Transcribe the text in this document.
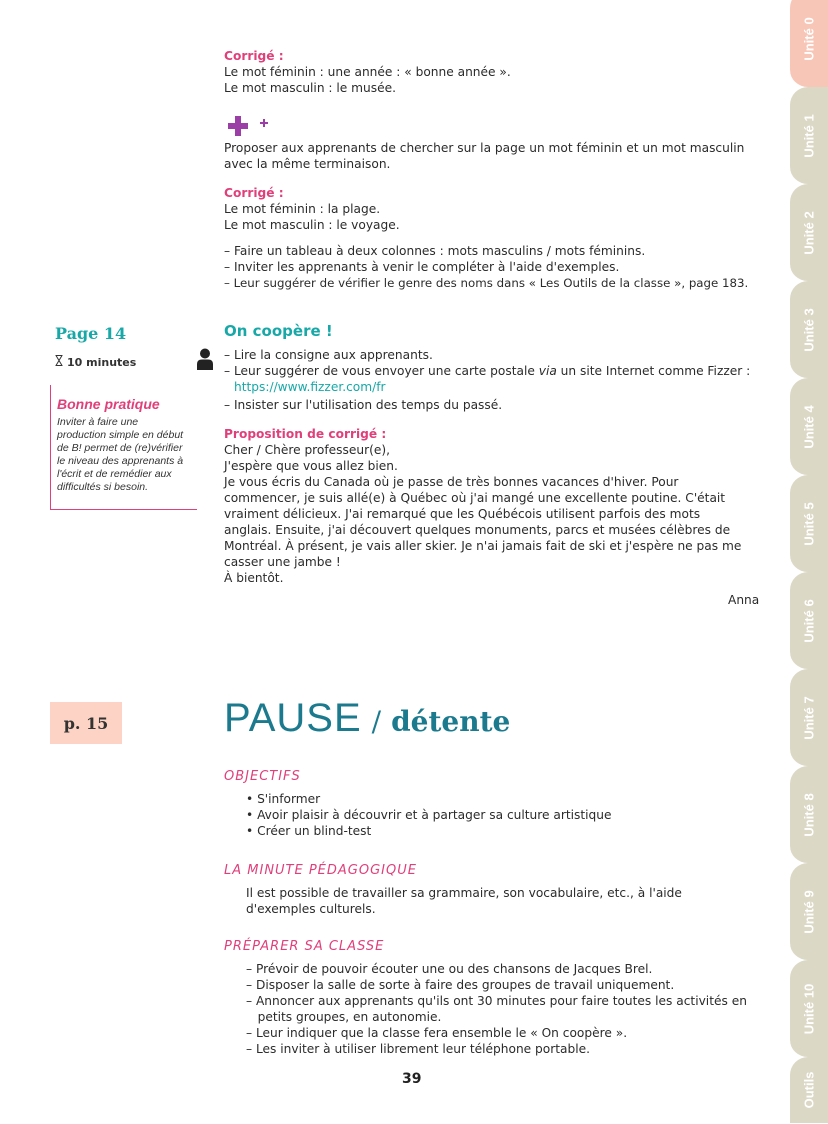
Corrigé :
Le mot féminin : une année : « bonne année ».
Le mot masculin : le musée.
Proposer aux apprenants de chercher sur la page un mot féminin et un mot masculin
avec la même terminaison.
Corrigé :
Le mot féminin : la plage.
Le mot masculin : le voyage.
– Faire un tableau à deux colonnes : mots masculins / mots féminins.
– Inviter les apprenants à venir le compléter à l'aide d'exemples.
– Leur suggérer de vérifier le genre des noms dans « Les Outils de la classe », page 183.
Page 14
10 minutes
Bonne pratique
Inviter à faire une
production simple en début
de B! permet de (re)vérifier
le niveau des apprenants à
l'écrit et de remédier aux
difficultés si besoin.
On coopère !
– Lire la consigne aux apprenants.
– Leur suggérer de vous envoyer une carte postale via un site Internet comme Fizzer :
https://www.fizzer.com/fr
– Insister sur l'utilisation des temps du passé.
Proposition de corrigé :
Cher / Chère professeur(e),
J'espère que vous allez bien.
Je vous écris du Canada où je passe de très bonnes vacances d'hiver. Pour
commencer, je suis allé(e) à Québec où j'ai mangé une excellente poutine. C'était
vraiment délicieux. J'ai remarqué que les Québécois utilisent parfois des mots
anglais. Ensuite, j'ai découvert quelques monuments, parcs et musées célèbres de
Montréal. À présent, je vais aller skier. Je n'ai jamais fait de ski et j'espère ne pas me
casser une jambe !
À bientôt.
Anna
p. 15	PAUSE / détente
OBJECTIFS
• S'informer
• Avoir plaisir à découvrir et à partager sa culture artistique
• Créer un blind-test
LA MINUTE PÉDAGOGIQUE
Il est possible de travailler sa grammaire, son vocabulaire, etc., à l'aide
d'exemples culturels.
PRÉPARER SA CLASSE
– Prévoir de pouvoir écouter une ou des chansons de Jacques Brel.
– Disposer la salle de sorte à faire des groupes de travail uniquement.
– Annoncer aux apprenants qu'ils ont 30 minutes pour faire toutes les activités en
petits groupes, en autonomie.
– Leur indiquer que la classe fera ensemble le « On coopère ».
– Les inviter à utiliser librement leur téléphone portable.
39
Unité 0
Unité 1
Unité 2
Unité 3
Unité 4
Unité 5
Unité 6
Unité 7
Unité 8
Unité 9
Unité 10
Outils
